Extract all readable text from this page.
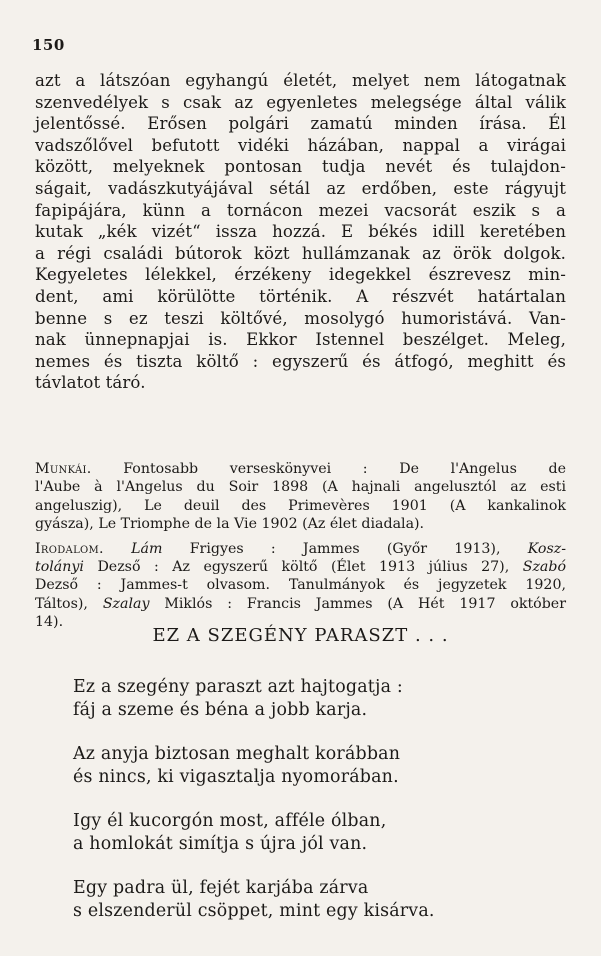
150
azt a látszóan egyhangú életét, melyet nem látogatnak
szenvedélyek s csak az egyenletes melegsége által válik
jelentőssé. Erősen polgári zamatú minden írása. Él
vadszőlővel befutott vidéki házában, nappal a virágai
között, melyeknek pontosan tudja nevét és tulajdon-
ságait, vadászkutyájával sétál az erdőben, este rágyujt
fapipájára, künn a tornácon mezei vacsorát eszik s a
kutak „kék vizét“ issza hozzá. E békés idill keretében
a régi családi bútorok közt hullámzanak az örök dolgok.
Kegyeletes lélekkel, érzékeny idegekkel észrevesz min-
dent, ami körülötte történik. A részvét határtalan
benne s ez teszi költővé, mosolygó humoristává. Van-
nak ünnepnapjai is. Ekkor Istennel beszélget. Meleg,
nemes és tiszta költő : egyszerű és átfogó, meghitt és
távlatot táró.
Munkái. Fontosabb verseskönyvei : De l'Angelus de
l'Aube à l'Angelus du Soir 1898 (A hajnali angelusztól az esti
angeluszig), Le deuil des Primevères 1901 (A kankalinok
gyásza), Le Triomphe de la Vie 1902 (Az élet diadala).
Irodalom. Lám Frigyes : Jammes (Győr 1913), Kosz-
tolányi Dezső : Az egyszerű költő (Élet 1913 július 27), Szabó
Dezső : Jammes-t olvasom. Tanulmányok és jegyzetek 1920,
Táltos), Szalay Miklós : Francis Jammes (A Hét 1917 október
14).
EZ A SZEGÉNY PARASZT . . .
Ez a szegény paraszt azt hajtogatja :
fáj a szeme és béna a jobb karja.
Az anyja biztosan meghalt korábban
és nincs, ki vigasztalja nyomorában.
Igy él kucorgón most, afféle ólban,
a homlokát simítja s újra jól van.
Egy padra ül, fejét karjába zárva
s elszenderül csöppet, mint egy kisárva.
